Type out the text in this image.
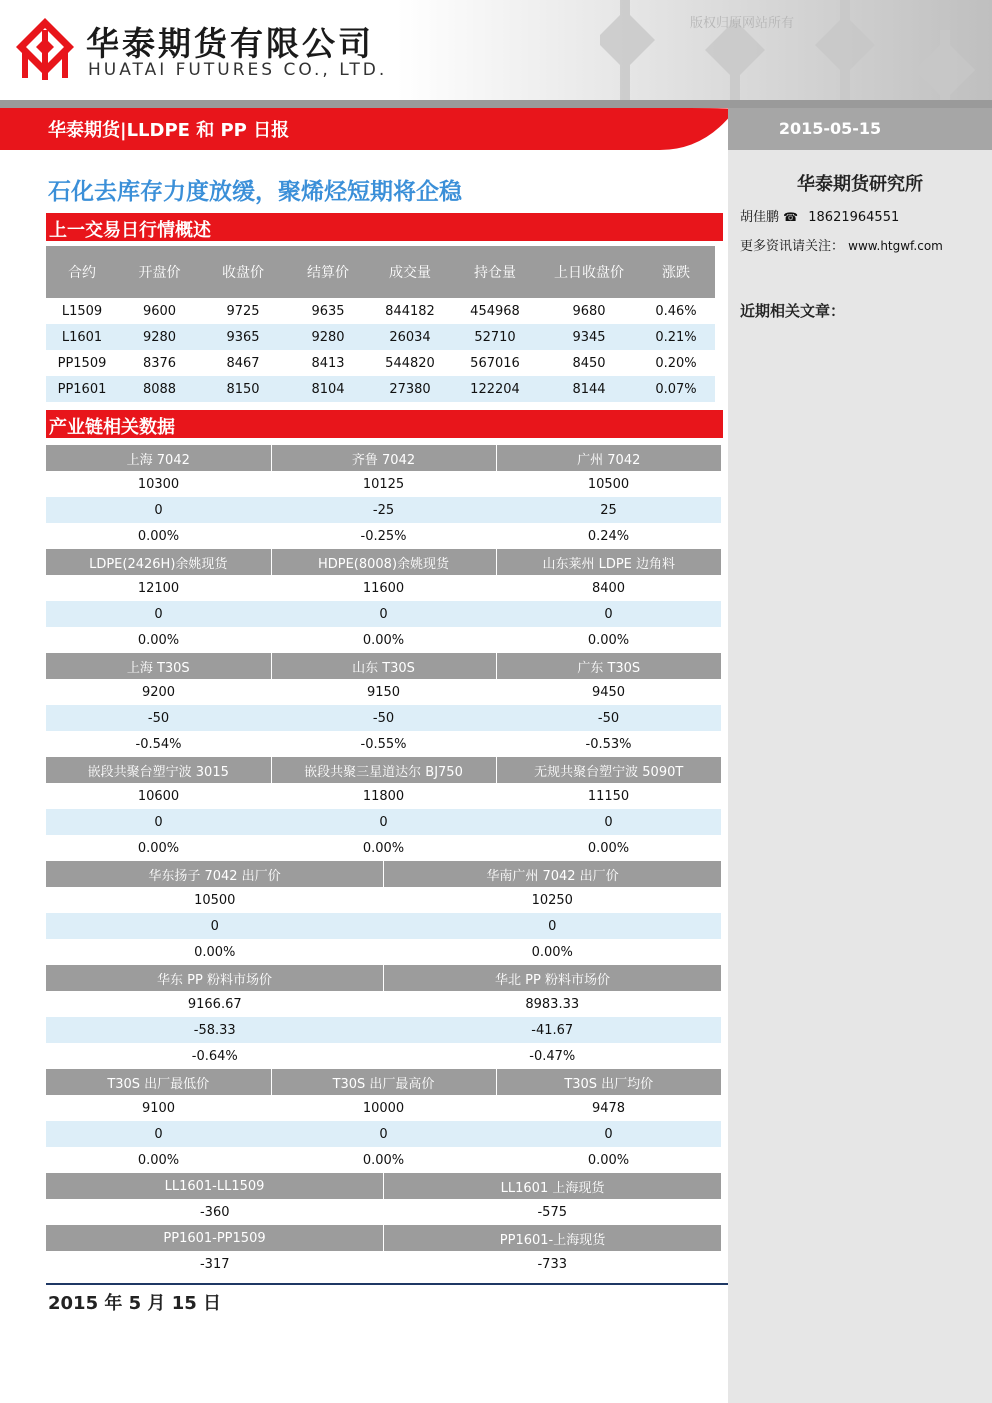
华泰期货有限公司
HUATAI FUTURES CO., LTD.
版权归原网站所有
华泰期货|LLDPE 和 PP 日报	2015-05-15
华泰期货研究所
胡佳鹏 ☎ 18621964551
更多资讯请关注： www.htgwf.com
近期相关文章：
石化去库存力度放缓，聚烯烃短期将企稳
上一交易日行情概述
合约	开盘价	收盘价	结算价	成交量	持仓量	上日收盘价	涨跌
L1509	9600	9725	9635	844182	454968	9680	0.46%
L1601	9280	9365	9280	26034	52710	9345	0.21%
PP1509	8376	8467	8413	544820	567016	8450	0.20%
PP1601	8088	8150	8104	27380	122204	8144	0.07%
产业链相关数据
上海 7042	齐鲁 7042		广州 7042
10300	10125		10500
0	-25		25
0.00%	-0.25%		0.24%
LDPE(2426H)余姚现货	HDPE(8008)余姚现货		山东莱州 LDPE 边角料
12100	11600		8400
0	0		0
0.00%	0.00%		0.00%
上海 T30S	山东 T30S		广东 T30S
9200	9150		9450
-50	-50		-50
-0.54%	-0.55%		-0.53%
嵌段共聚台塑宁波 3015	嵌段共聚三星道达尔 BJ750		无规共聚台塑宁波 5090T
10600	11800		11150
0	0		0
0.00%	0.00%		0.00%
华东扬子 7042 出厂价		华南广州 7042 出厂价	
10500		10250	
0		0	
0.00%		0.00%	
华东 PP 粉料市场价		华北 PP 粉料市场价	
9166.67		8983.33	
-58.33		-41.67	
-0.64%		-0.47%	
T30S 出厂最低价	T30S 出厂最高价		T30S 出厂均价
9100	10000		9478
0	0		0
0.00%	0.00%		0.00%
LL1601-LL1509		LL1601 上海现货	
-360		-575	
PP1601-PP1509		PP1601-上海现货	
-317		-733	
2015 年 5 月 15 日
